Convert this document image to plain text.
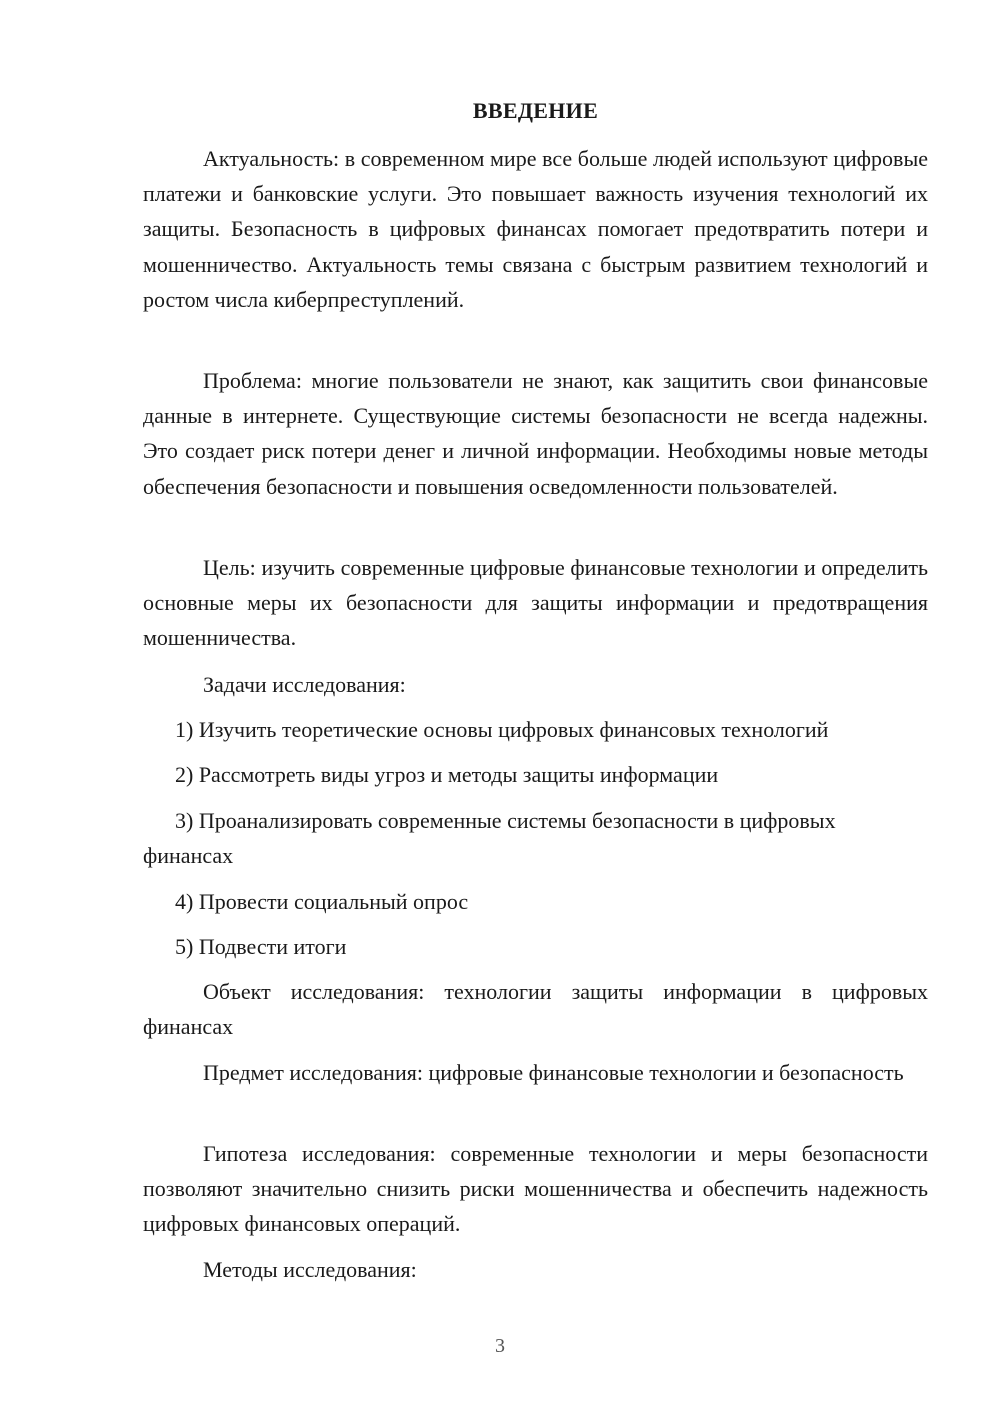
ВВЕДЕНИЕ

Актуальность: в современном мире все больше людей используют цифровые платежи и банковские услуги. Это повышает важность изучения технологий их защиты. Безопасность в цифровых финансах помогает предотвратить потери и мошенничество. Актуальность темы связана с быстрым развитием технологий и ростом числа киберпреступлений.

Проблема: многие пользователи не знают, как защитить свои финансовые данные в интернете. Существующие системы безопасности не всегда надежны. Это создает риск потери денег и личной информации. Необходимы новые методы обеспечения безопасности и повышения осведомленности пользователей.

Цель: изучить современные цифровые финансовые технологии и определить основные меры их безопасности для защиты информации и предотвращения мошенничества.

Задачи исследования:

1) Изучить теоретические основы цифровых финансовых технологий

2) Рассмотреть виды угроз и методы защиты информации

3) Проанализировать современные системы безопасности в цифровых финансах

4) Провести социальный опрос

5) Подвести итоги

Объект исследования: технологии защиты информации в цифровых финансах

Предмет исследования: цифровые финансовые технологии и безопасность

Гипотеза исследования: современные технологии и меры безопасности позволяют значительно снизить риски мошенничества и обеспечить надежность цифровых финансовых операций.

Методы исследования:

3
